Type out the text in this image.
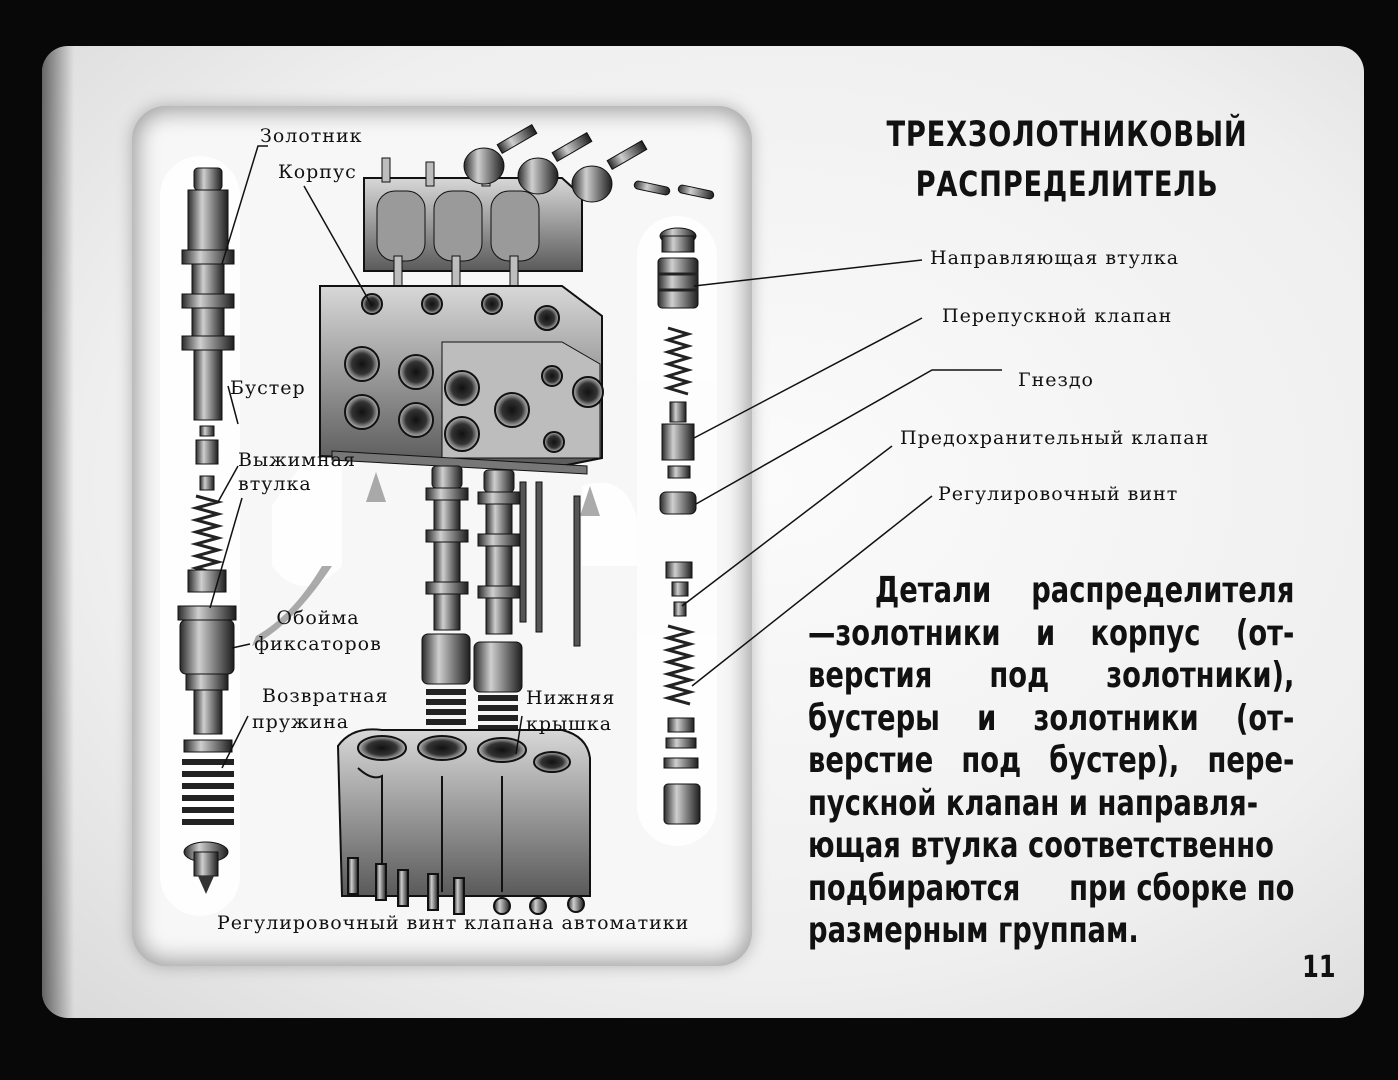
ТРЕХЗОЛОТНИКОВЫЙ
РАСПРЕДЕЛИТЕЛЬ
Золотник
Корпус
Бустер
Выжимная
втулка
Обойма
фиксаторов
Возвратная
пружина
Нижняя
крышка
Направляющая втулка
Перепускной клапан
Гнездо
Предохранительный клапан
Регулировочный винт
Регулировочный винт клапана автоматики
Детали распределителя
—золотники и корпус (от-
верстия под золотники),
бустеры и золотники (от-
верстие под бустер), пере-
пускной клапан и направля-
ющая втулка соответственно
подбираются при сборке по
размерным группам.
11
